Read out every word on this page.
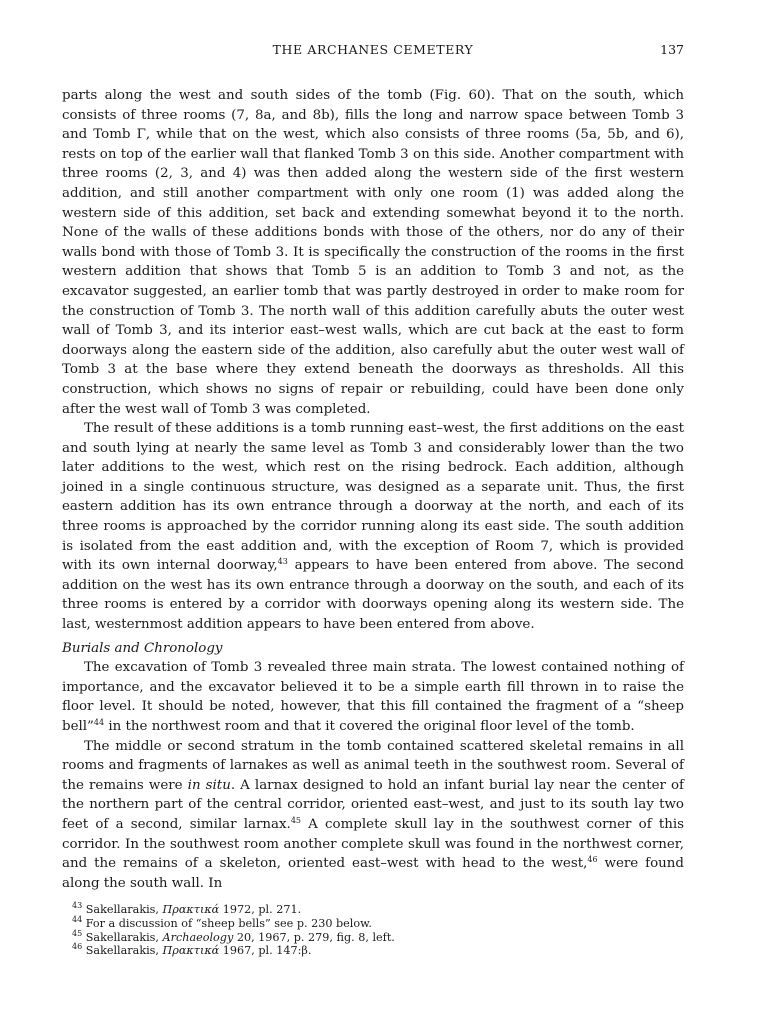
THE ARCHANES CEMETERY	137

parts along the west and south sides of the tomb (Fig. 60). That on the south, which consists of three rooms (7, 8a, and 8b), fills the long and narrow space between Tomb 3 and Tomb Γ, while that on the west, which also consists of three rooms (5a, 5b, and 6), rests on top of the earlier wall that flanked Tomb 3 on this side. Another compartment with three rooms (2, 3, and 4) was then added along the western side of the first western addition, and still another compartment with only one room (1) was added along the western side of this addition, set back and extending somewhat beyond it to the north. None of the walls of these additions bonds with those of the others, nor do any of their walls bond with those of Tomb 3. It is specifically the construction of the rooms in the first western addition that shows that Tomb 5 is an addition to Tomb 3 and not, as the excavator suggested, an earlier tomb that was partly destroyed in order to make room for the construction of Tomb 3. The north wall of this addition carefully abuts the outer west wall of Tomb 3, and its interior east–west walls, which are cut back at the east to form doorways along the eastern side of the addition, also carefully abut the outer west wall of Tomb 3 at the base where they extend beneath the doorways as thresholds. All this construction, which shows no signs of repair or rebuilding, could have been done only after the west wall of Tomb 3 was completed.

The result of these additions is a tomb running east–west, the first additions on the east and south lying at nearly the same level as Tomb 3 and considerably lower than the two later additions to the west, which rest on the rising bedrock. Each addition, although joined in a single continuous structure, was designed as a separate unit. Thus, the first eastern addition has its own entrance through a doorway at the north, and each of its three rooms is approached by the corridor running along its east side. The south addition is isolated from the east addition and, with the exception of Room 7, which is provided with its own internal doorway,$^{43}$ appears to have been entered from above. The second addition on the west has its own entrance through a doorway on the south, and each of its three rooms is entered by a corridor with doorways opening along its western side. The last, westernmost addition appears to have been entered from above.

Burials and Chronology

The excavation of Tomb 3 revealed three main strata. The lowest contained nothing of importance, and the excavator believed it to be a simple earth fill thrown in to raise the floor level. It should be noted, however, that this fill contained the fragment of a “sheep bell”$^{44}$ in the northwest room and that it covered the original floor level of the tomb.

The middle or second stratum in the tomb contained scattered skeletal remains in all rooms and fragments of larnakes as well as animal teeth in the southwest room. Several of the remains were in situ. A larnax designed to hold an infant burial lay near the center of the northern part of the central corridor, oriented east–west, and just to its south lay two feet of a second, similar larnax.$^{45}$ A complete skull lay in the southwest corner of this corridor. In the southwest room another complete skull was found in the northwest corner, and the remains of a skeleton, oriented east–west with head to the west,$^{46}$ were found along the south wall. In

$^{43}$ Sakellarakis, Πρακτικά 1972, pl. 271.
$^{44}$ For a discussion of “sheep bells” see p. 230 below.
$^{45}$ Sakellarakis, Archaeology 20, 1967, p. 279, fig. 8, left.
$^{46}$ Sakellarakis, Πρακτικά 1967, pl. 147:β.
